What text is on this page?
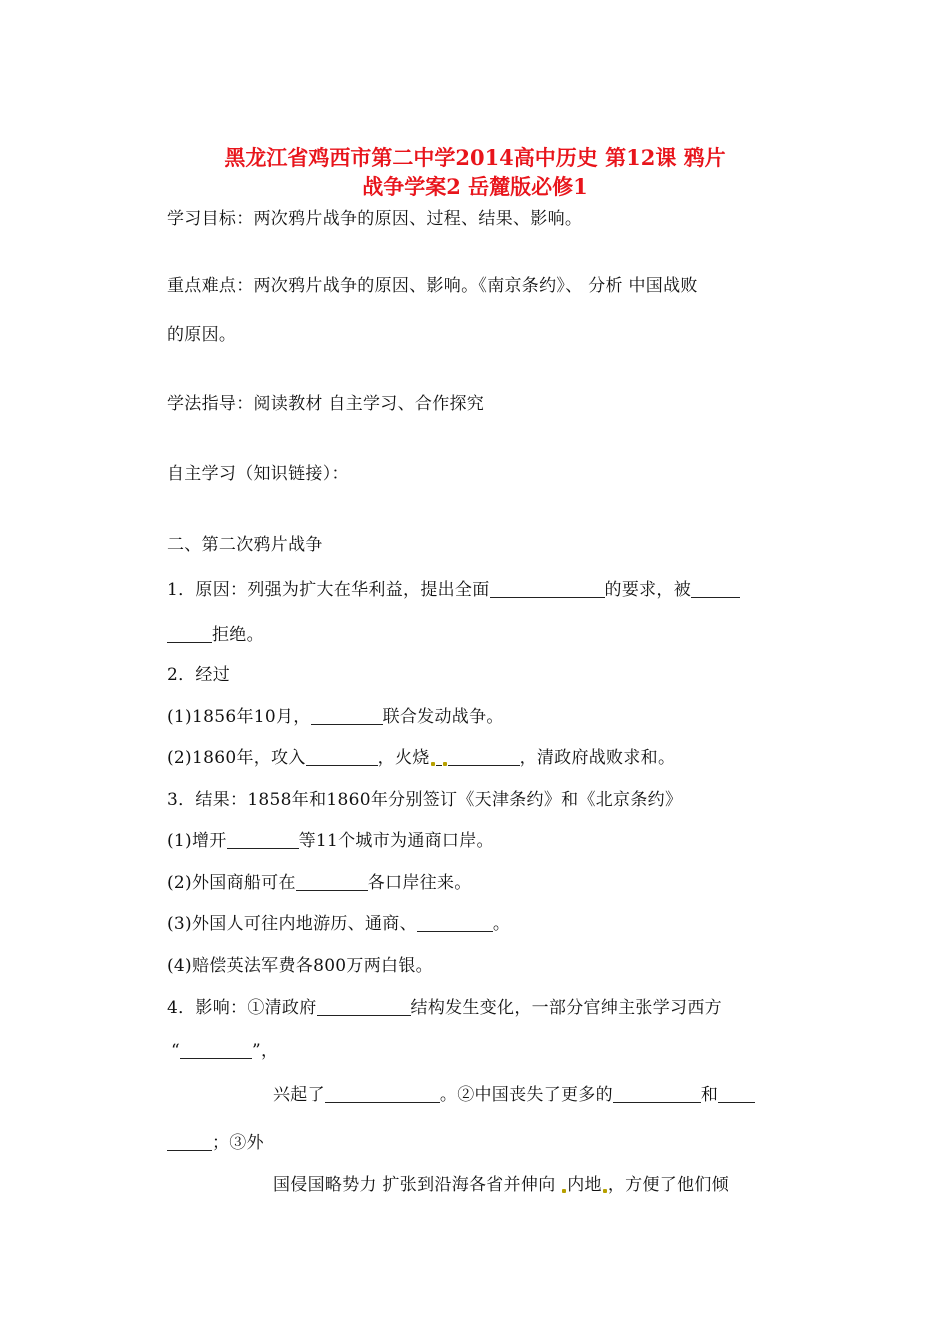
黑龙江省鸡西市第二中学2014高中历史 第12课 鸦片
战争学案2 岳麓版必修1
学习目标：两次鸦片战争的原因、过程、结果、影响。
重点难点：两次鸦片战争的原因、影响。《南京条约》、 分析 中国战败
的原因。
学法指导：阅读教材 自主学习、合作探究
自主学习（知识链接）：
二、第二次鸦片战争
1．原因：列强为扩大在华利益，提出全面	的要求，被
拒绝。
2．经过
(1)1856年10月，	联合发动战争。
(2)1860年，攻入	，火烧	，清政府战败求和。
3．结果：1858年和1860年分别签订《天津条约》和《北京条约》
(1)增开	等11个城市为通商口岸。
(2)外国商船可在	各口岸往来。
(3)外国人可往内地游历、通商、	。
(4)赔偿英法军费各800万两白银。
4．影响：①清政府	结构发生变化，一部分官绅主张学习西方
“	”，
兴起了	。②中国丧失了更多的	和
；③外
国侵国略势力 扩张到沿海各省并伸向 内地 ，方便了他们倾
